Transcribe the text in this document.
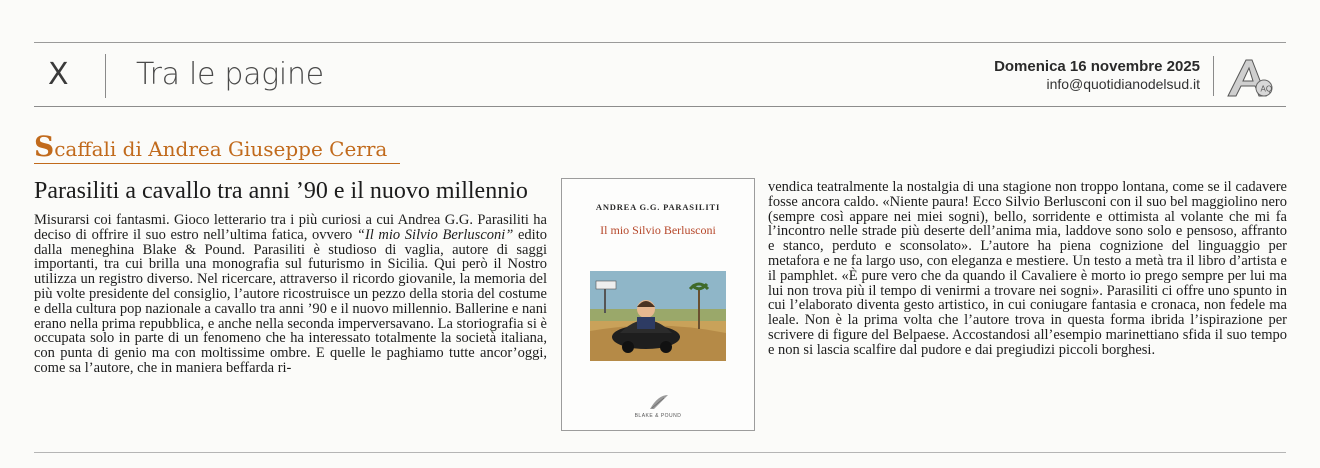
X Tra le pagine	Domenica 16 novembre 2025
info@quotidianodelsud.it	AQ
Scaffali di Andrea Giuseppe Cerra
Parasiliti a cavallo tra anni ’90 e il nuovo millennio

Misurarsi coi fantasmi. Gioco letterario tra i più curiosi a cui Andrea G.G. Parasiliti ha deciso di offrire il suo estro nell’ultima fatica, ovvero “Il mio Silvio Berlusconi” edito dalla meneghina Blake & Pound. Parasiliti è studioso di vaglia, autore di saggi importanti, tra cui brilla una monografia sul futurismo in Sicilia. Qui però il Nostro utilizza un registro diverso. Nel ricercare, attraverso il ricordo giovanile, la memoria del più volte presidente del consiglio, l’autore ricostruisce un pezzo della storia del costume e della cultura pop nazionale a cavallo tra anni ’90 e il nuovo millennio. Ballerine e nani erano nella prima repubblica, e anche nella seconda imperversavano. La storiografia si è occupata solo in parte di un fenomeno che ha interessato totalmente la società italiana, con punta di genio ma con moltissime ombre. E quelle le paghiamo tutte ancor’oggi, come sa l’autore, che in maniera beffarda ri-

ANDREA G.G. PARASILITI
Il mio Silvio Berlusconi
BLAKE & POUND

vendica teatralmente la nostalgia di una stagione non troppo lontana, come se il cadavere fosse ancora caldo. «Niente paura! Ecco Silvio Berlusconi con il suo bel maggiolino nero (sempre così appare nei miei sogni), bello, sorridente e ottimista al volante che mi fa l’incontro nelle strade più deserte dell’anima mia, laddove sono solo e pensoso, affranto e stanco, perduto e sconsolato». L’autore ha piena cognizione del linguaggio per metafora e ne fa largo uso, con eleganza e mestiere. Un testo a metà tra il libro d’artista e il pamphlet. «È pure vero che da quando il Cavaliere è morto io prego sempre per lui ma lui non trova più il tempo di venirmi a trovare nei sogni». Parasiliti ci offre uno spunto in cui l’elaborato diventa gesto artistico, in cui coniugare fantasia e cronaca, non fedele ma leale. Non è la prima volta che l’autore trova in questa forma ibrida l’ispirazione per scrivere di figure del Belpaese. Accostandosi all’esempio marinettiano sfida il suo tempo e non si lascia scalfire dal pudore e dai pregiudizi piccoli borghesi.
